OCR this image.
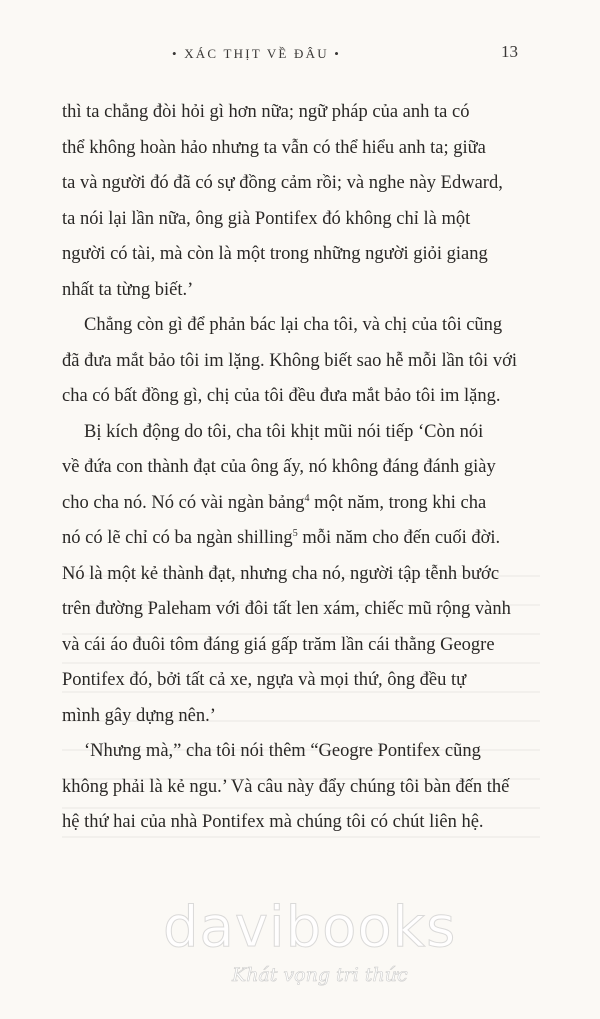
• XÁC THỊT VỀ ĐÂU •	13
thì ta chẳng đòi hỏi gì hơn nữa; ngữ pháp của anh ta có
thể không hoàn hảo nhưng ta vẫn có thể hiểu anh ta; giữa
ta và người đó đã có sự đồng cảm rồi; và nghe này Edward,
ta nói lại lần nữa, ông già Pontifex đó không chỉ là một
người có tài, mà còn là một trong những người giỏi giang
nhất ta từng biết.’
Chẳng còn gì để phản bác lại cha tôi, và chị của tôi cũng
đã đưa mắt bảo tôi im lặng. Không biết sao hễ mỗi lần tôi với
cha có bất đồng gì, chị của tôi đều đưa mắt bảo tôi im lặng.
Bị kích động do tôi, cha tôi khịt mũi nói tiếp ‘Còn nói
về đứa con thành đạt của ông ấy, nó không đáng đánh giày
cho cha nó. Nó có vài ngàn bảng$^4$ một năm, trong khi cha
nó có lẽ chỉ có ba ngàn shilling$^5$ mỗi năm cho đến cuối đời.
Nó là một kẻ thành đạt, nhưng cha nó, người tập tễnh bước
trên đường Paleham với đôi tất len xám, chiếc mũ rộng vành
và cái áo đuôi tôm đáng giá gấp trăm lần cái thằng Geogre
Pontifex đó, bởi tất cả xe, ngựa và mọi thứ, ông đều tự
mình gây dựng nên.’
‘Nhưng mà,” cha tôi nói thêm “Geogre Pontifex cũng
không phải là kẻ ngu.’ Và câu này đẩy chúng tôi bàn đến thế
hệ thứ hai của nhà Pontifex mà chúng tôi có chút liên hệ.
davibooks
Khát vọng tri thức
